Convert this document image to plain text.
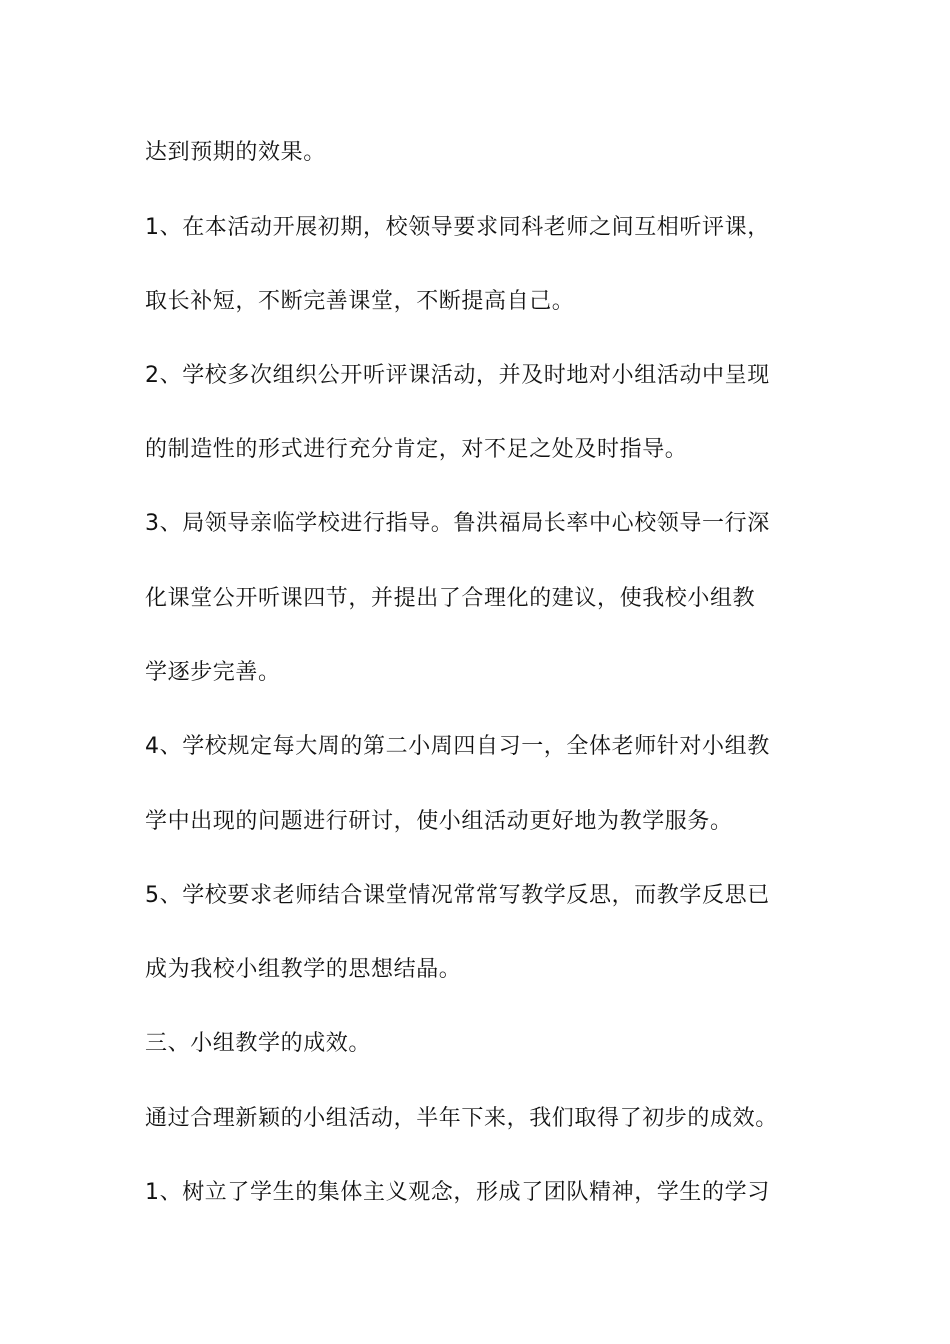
达到预期的效果。
1、在本活动开展初期，校领导要求同科老师之间互相听评课，
取长补短，不断完善课堂，不断提高自己。
2、学校多次组织公开听评课活动，并及时地对小组活动中呈现
的制造性的形式进行充分肯定，对不足之处及时指导。
3、局领导亲临学校进行指导。鲁洪福局长率中心校领导一行深
化课堂公开听课四节，并提出了合理化的建议，使我校小组教
学逐步完善。
4、学校规定每大周的第二小周四自习一，全体老师针对小组教
学中出现的问题进行研讨，使小组活动更好地为教学服务。
5、学校要求老师结合课堂情况常常写教学反思，而教学反思已
成为我校小组教学的思想结晶。
三、小组教学的成效。
通过合理新颖的小组活动，半年下来，我们取得了初步的成效。
1、树立了学生的集体主义观念，形成了团队精神，学生的学习
